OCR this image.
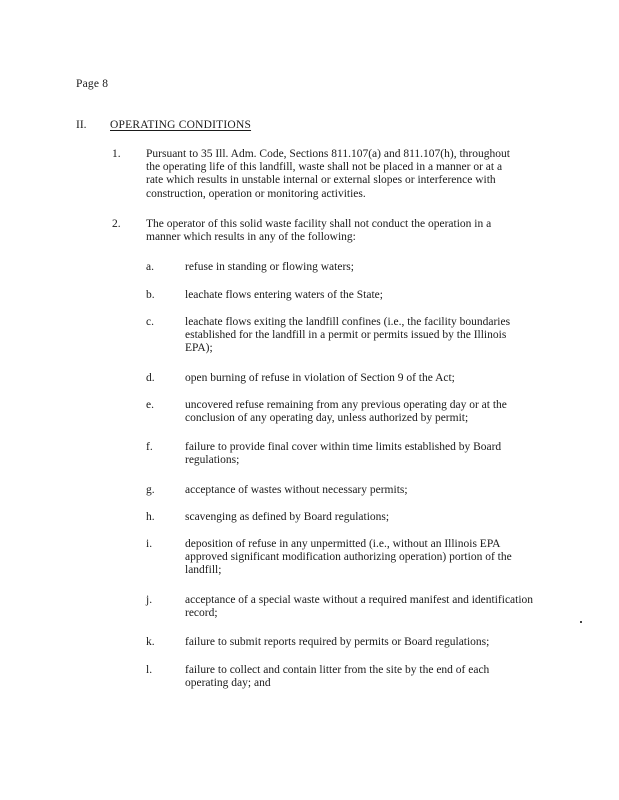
Page 8
II. OPERATING CONDITIONS
1.	Pursuant to 35 Ill. Adm. Code, Sections 811.107(a) and 811.107(h), throughout the operating life of this landfill, waste shall not be placed in a manner or at a rate which results in unstable internal or external slopes or interference with construction, operation or monitoring activities.
2.	The operator of this solid waste facility shall not conduct the operation in a manner which results in any of the following:
a.	refuse in standing or flowing waters;
b.	leachate flows entering waters of the State;
c.	leachate flows exiting the landfill confines (i.e., the facility boundaries established for the landfill in a permit or permits issued by the Illinois EPA);
d.	open burning of refuse in violation of Section 9 of the Act;
e.	uncovered refuse remaining from any previous operating day or at the conclusion of any operating day, unless authorized by permit;
f.	failure to provide final cover within time limits established by Board regulations;
g.	acceptance of wastes without necessary permits;
h.	scavenging as defined by Board regulations;
i.	deposition of refuse in any unpermitted (i.e., without an Illinois EPA approved significant modification authorizing operation) portion of the landfill;
j.	acceptance of a special waste without a required manifest and identification record;
k.	failure to submit reports required by permits or Board regulations;
l.	failure to collect and contain litter from the site by the end of each operating day; and
